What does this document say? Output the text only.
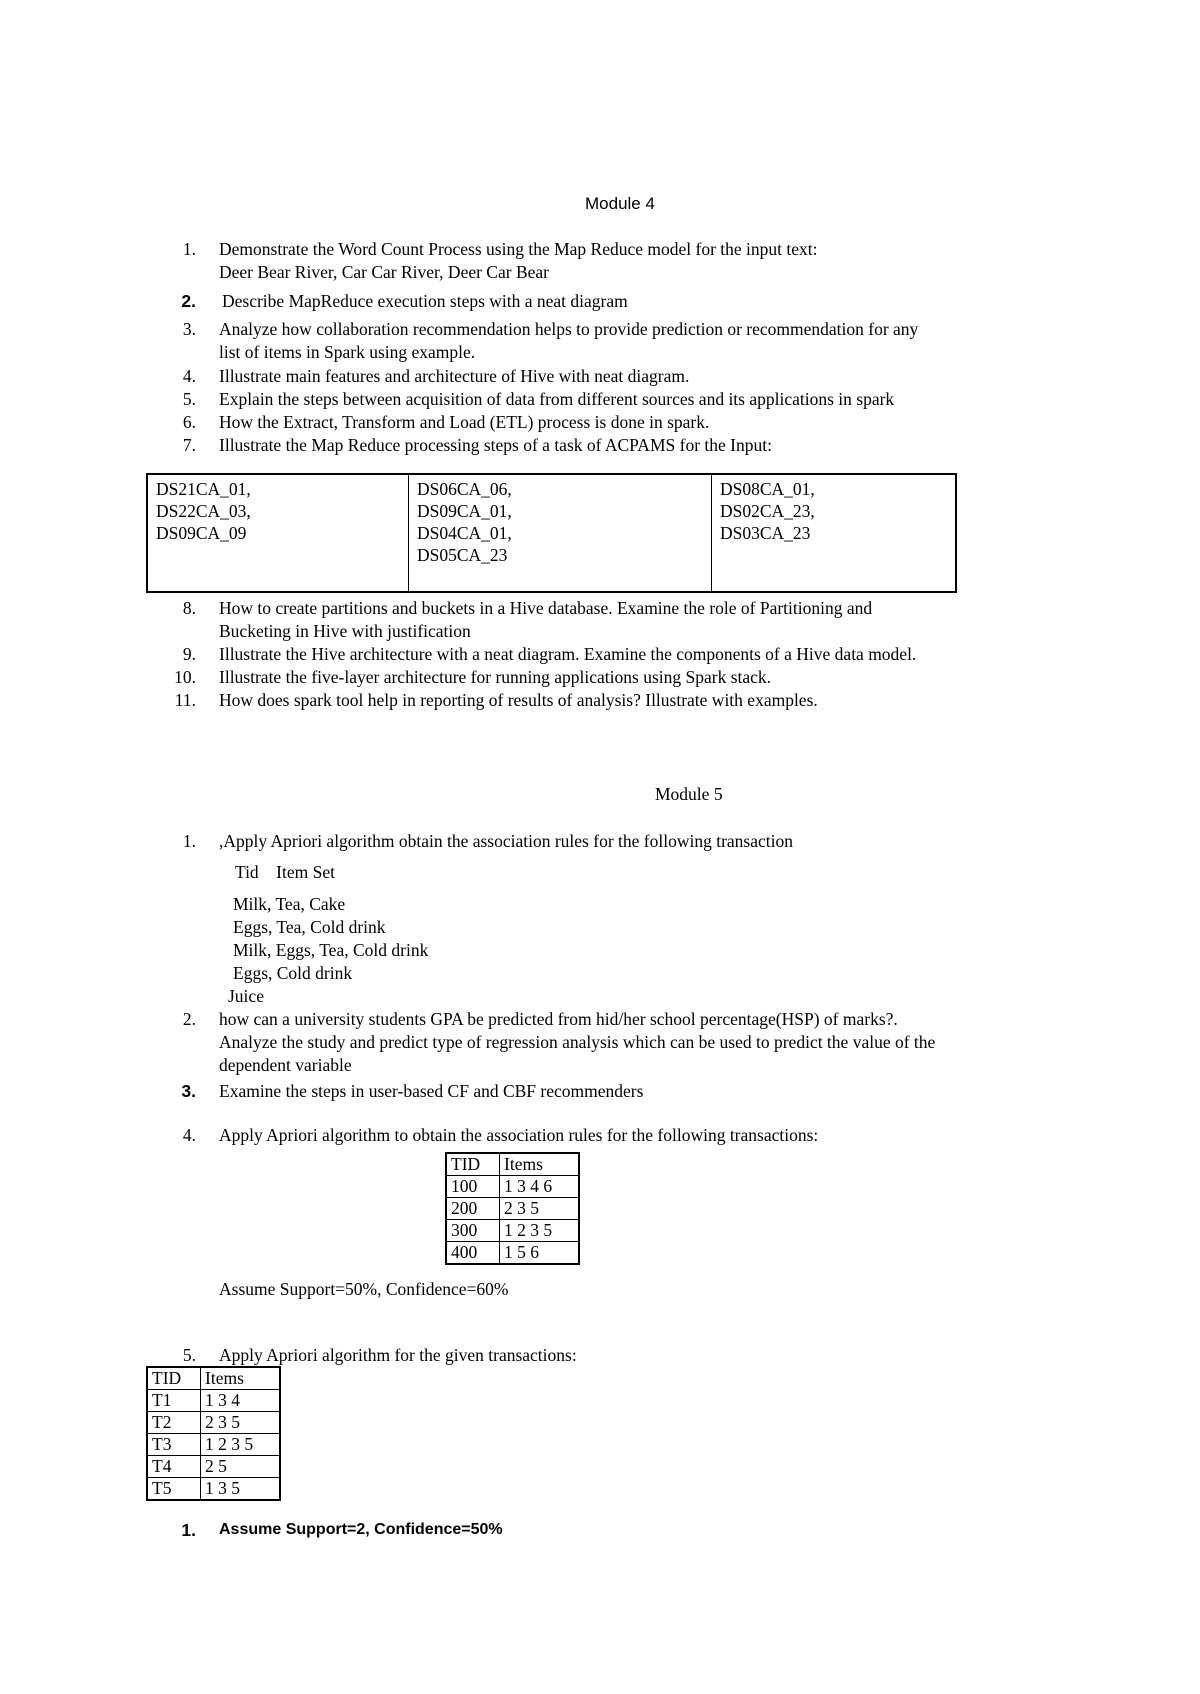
Module 4
1. Demonstrate the Word Count Process using the Map Reduce model for the input text:
Deer Bear River, Car Car River, Deer Car Bear
2. Describe MapReduce execution steps with a neat diagram
3. Analyze how collaboration recommendation helps to provide prediction or recommendation for any
list of items in Spark using example.
4. Illustrate main features and architecture of Hive with neat diagram.
5. Explain the steps between acquisition of data from different sources and its applications in spark
6. How the Extract, Transform and Load (ETL) process is done in spark.
7. Illustrate the Map Reduce processing steps of a task of ACPAMS for the Input:
DS21CA_01,
DS22CA_03,
DS09CA_09

DS06CA_06,
DS09CA_01,
DS04CA_01,
DS05CA_23

DS08CA_01,
DS02CA_23,
DS03CA_23
8. How to create partitions and buckets in a Hive database. Examine the role of Partitioning and
Bucketing in Hive with justification
9. Illustrate the Hive architecture with a neat diagram. Examine the components of a Hive data model.
10. Illustrate the five-layer architecture for running applications using Spark stack.
11. How does spark tool help in reporting of results of analysis? Illustrate with examples.
Module 5
1. ,Apply Apriori algorithm obtain the association rules for the following transaction
Tid    Item Set
Milk, Tea, Cake
Eggs, Tea, Cold drink
Milk, Eggs, Tea, Cold drink
Eggs, Cold drink
Juice
2. how can a university students GPA be predicted from hid/her school percentage(HSP) of marks?.
Analyze the study and predict type of regression analysis which can be used to predict the value of the
dependent variable
3. Examine the steps in user-based CF and CBF recommenders
4. Apply Apriori algorithm to obtain the association rules for the following transactions:
TID	Items
100	1 3 4 6
200	2 3 5
300	1 2 3 5
400	1 5 6
Assume Support=50%, Confidence=60%
5. Apply Apriori algorithm for the given transactions:
TID	Items
T1	1 3 4
T2	2 3 5
T3	1 2 3 5
T4	2 5
T5	1 3 5
1. Assume Support=2, Confidence=50%
